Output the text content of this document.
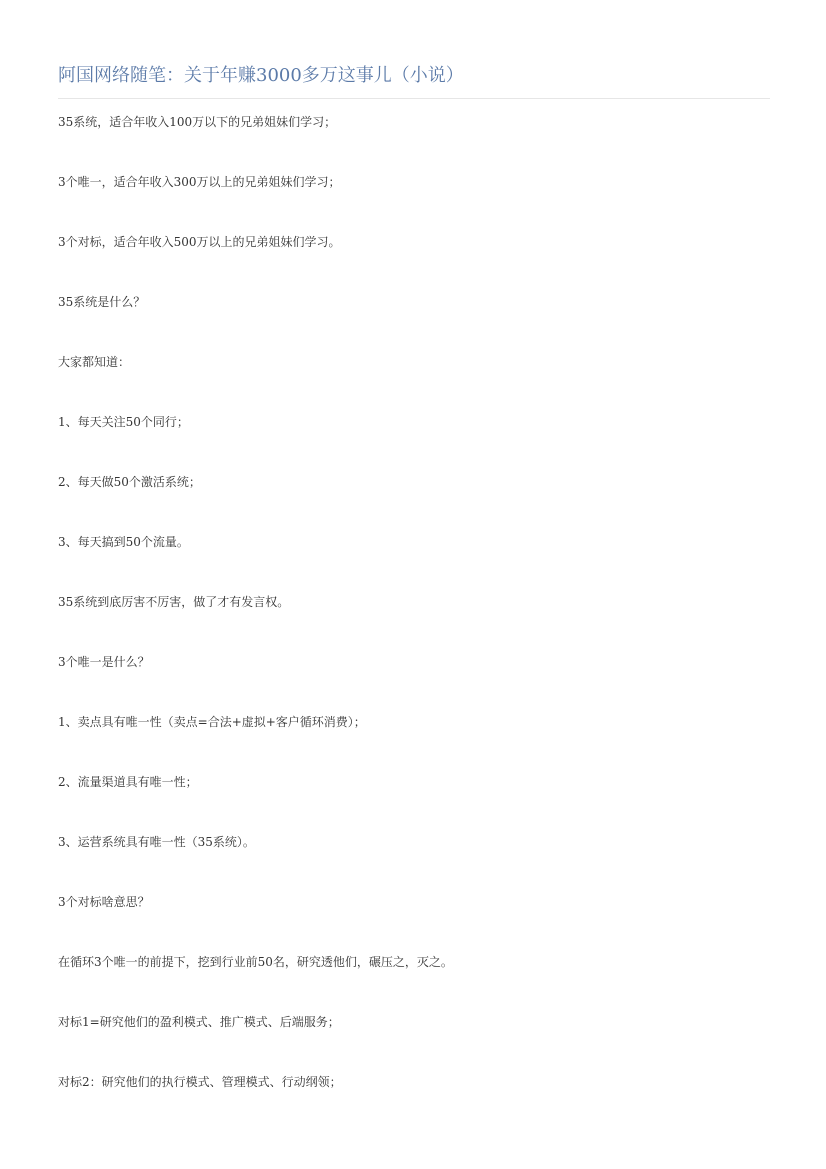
阿国网络随笔：关于年赚3000多万这事儿（小说）
35系统，适合年收入100万以下的兄弟姐妹们学习；
3个唯一，适合年收入300万以上的兄弟姐妹们学习；
3个对标，适合年收入500万以上的兄弟姐妹们学习。
35系统是什么？
大家都知道：
1、每天关注50个同行；
2、每天做50个激活系统；
3、每天搞到50个流量。
35系统到底厉害不厉害，做了才有发言权。
3个唯一是什么？
1、卖点具有唯一性（卖点=合法+虚拟+客户循环消费）；
2、流量渠道具有唯一性；
3、运营系统具有唯一性（35系统）。
3个对标啥意思？
在循环3个唯一的前提下，挖到行业前50名，研究透他们，碾压之，灭之。
对标1=研究他们的盈利模式、推广模式、后端服务；
对标2：研究他们的执行模式、管理模式、行动纲领；
